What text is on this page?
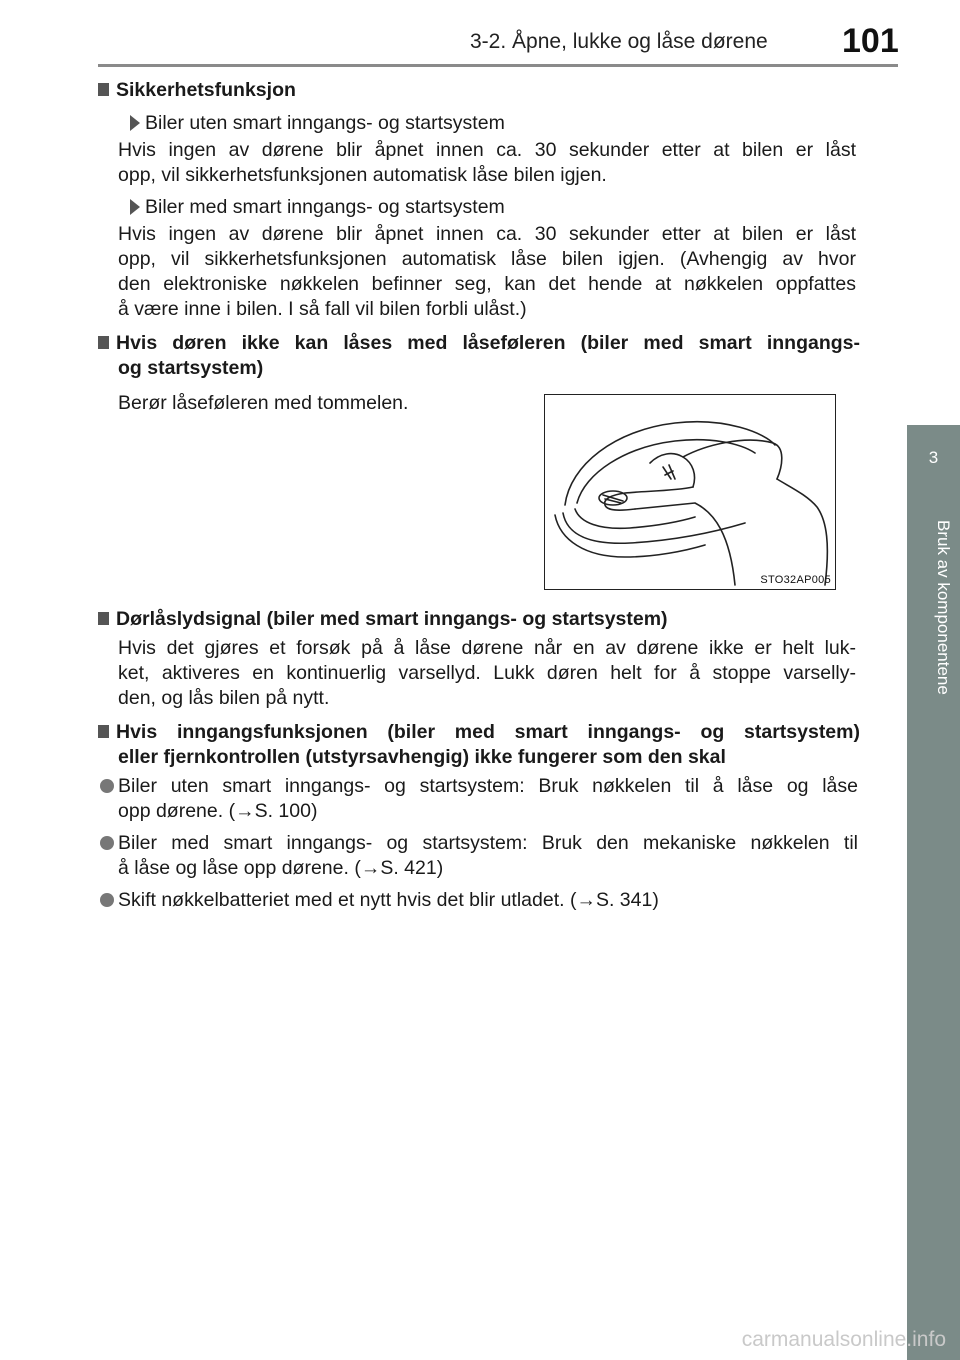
3-2. Åpne, lukke og låse dørene 101
3
Bruk av komponentene
Sikkerhetsfunksjon
Biler uten smart inngangs- og startsystem
Hvis ingen av dørene blir åpnet innen ca. 30 sekunder etter at bilen er låst
opp, vil sikkerhetsfunksjonen automatisk låse bilen igjen.
Biler med smart inngangs- og startsystem
Hvis ingen av dørene blir åpnet innen ca. 30 sekunder etter at bilen er låst
opp, vil sikkerhetsfunksjonen automatisk låse bilen igjen. (Avhengig av hvor
den elektroniske nøkkelen befinner seg, kan det hende at nøkkelen oppfattes
å være inne i bilen. I så fall vil bilen forbli ulåst.)
Hvis døren ikke kan låses med låseføleren (biler med smart inngangs-
og startsystem)
Berør låseføleren med tommelen.
STO32AP005
Dørlåslydsignal (biler med smart inngangs- og startsystem)
Hvis det gjøres et forsøk på å låse dørene når en av dørene ikke er helt luk-
ket, aktiveres en kontinuerlig varsellyd. Lukk døren helt for å stoppe varselly-
den, og lås bilen på nytt.
Hvis inngangsfunksjonen (biler med smart inngangs- og startsystem)
eller fjernkontrollen (utstyrsavhengig) ikke fungerer som den skal
Biler uten smart inngangs- og startsystem: Bruk nøkkelen til å låse og låse
opp dørene. (→S. 100)
Biler med smart inngangs- og startsystem: Bruk den mekaniske nøkkelen til
å låse og låse opp dørene. (→S. 421)
Skift nøkkelbatteriet med et nytt hvis det blir utladet. (→S. 341)
carmanualsonline.info
